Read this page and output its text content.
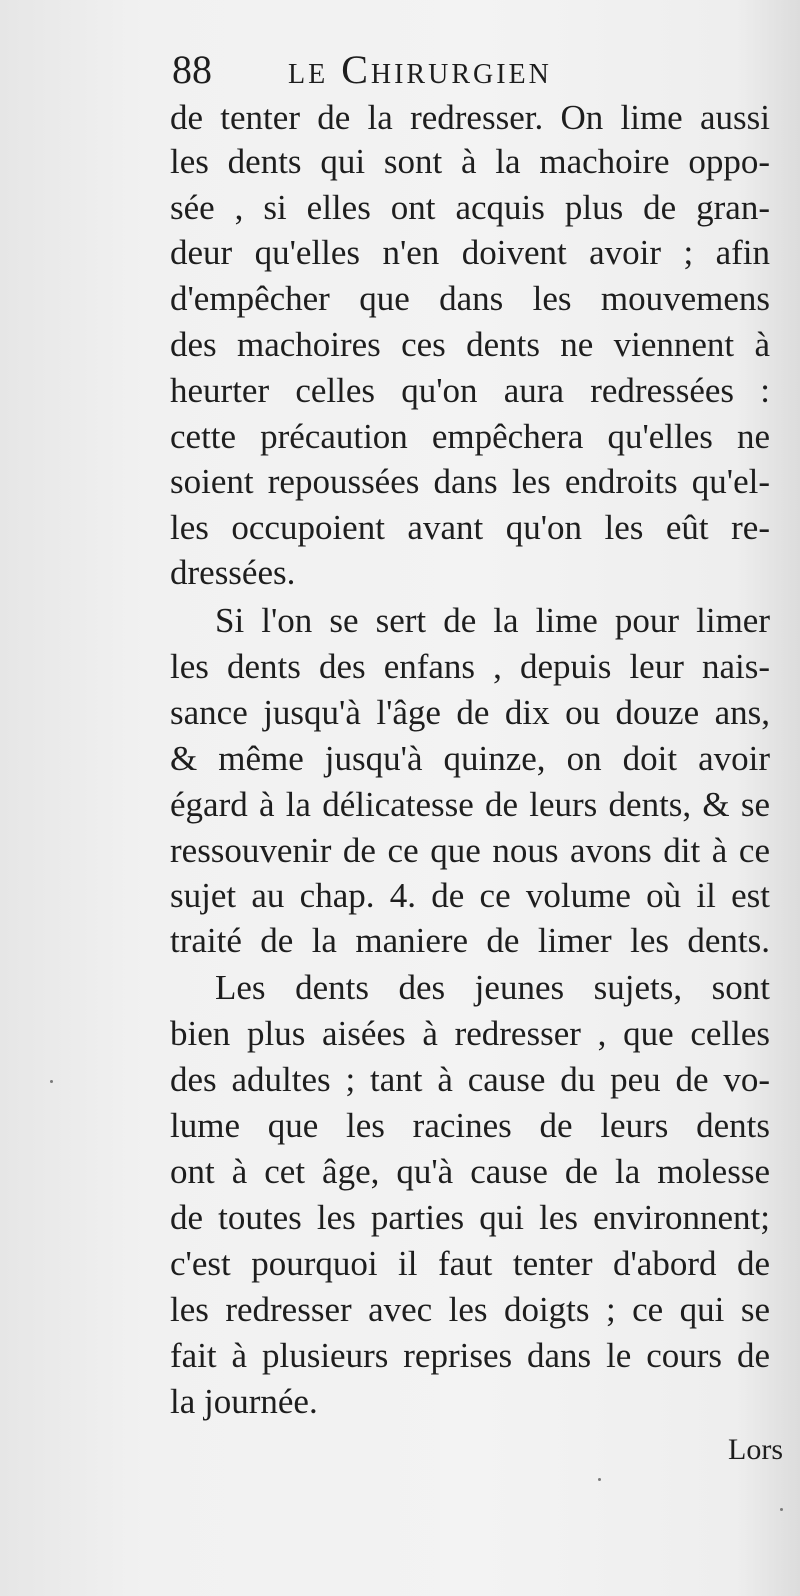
88 le Chirurgien
de tenter de la redresser. On lime aussi
les dents qui sont à la machoire oppo-
sée , si elles ont acquis plus de gran-
deur qu'elles n'en doivent avoir ; afin
d'empêcher que dans les mouvemens
des machoires ces dents ne viennent à
heurter celles qu'on aura redressées :
cette précaution empêchera qu'elles ne
soient repoussées dans les endroits qu'el-
les occupoient avant qu'on les eût re-
dressées.
Si l'on se sert de la lime pour limer
les dents des enfans , depuis leur nais-
sance jusqu'à l'âge de dix ou douze ans,
& même jusqu'à quinze, on doit avoir
égard à la délicatesse de leurs dents, & se
ressouvenir de ce que nous avons dit à ce
sujet au chap. 4. de ce volume où il est
traité de la maniere de limer les dents.
Les dents des jeunes sujets, sont
bien plus aisées à redresser , que celles
des adultes ; tant à cause du peu de vo-
lume que les racines de leurs dents
ont à cet âge, qu'à cause de la molesse
de toutes les parties qui les environnent;
c'est pourquoi il faut tenter d'abord de
les redresser avec les doigts ; ce qui se
fait à plusieurs reprises dans le cours de
la journée.
Lors
